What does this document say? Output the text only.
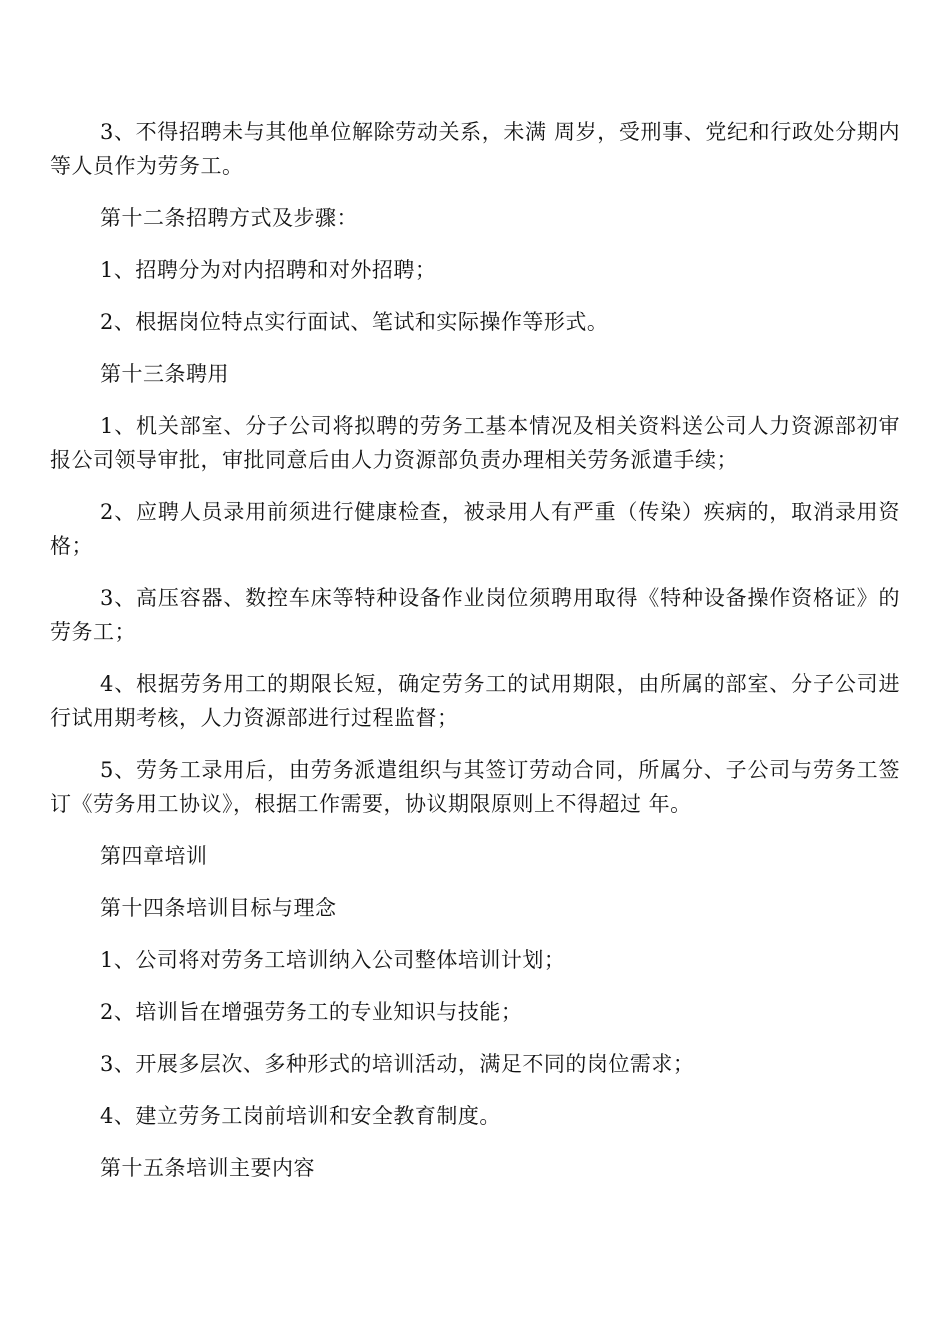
3、不得招聘未与其他单位解除劳动关系，未满 周岁，受刑事、党纪和行政处分期内等人员作为劳务工。

第十二条招聘方式及步骤：

1、招聘分为对内招聘和对外招聘；

2、根据岗位特点实行面试、笔试和实际操作等形式。

第十三条聘用

1、机关部室、分子公司将拟聘的劳务工基本情况及相关资料送公司人力资源部初审报公司领导审批，审批同意后由人力资源部负责办理相关劳务派遣手续；

2、应聘人员录用前须进行健康检查，被录用人有严重（传染）疾病的，取消录用资格；

3、高压容器、数控车床等特种设备作业岗位须聘用取得《特种设备操作资格证》的劳务工；

4、根据劳务用工的期限长短，确定劳务工的试用期限，由所属的部室、分子公司进行试用期考核，人力资源部进行过程监督；

5、劳务工录用后，由劳务派遣组织与其签订劳动合同，所属分、子公司与劳务工签订《劳务用工协议》，根据工作需要，协议期限原则上不得超过 年。

第四章培训

第十四条培训目标与理念

1、公司将对劳务工培训纳入公司整体培训计划；

2、培训旨在增强劳务工的专业知识与技能；

3、开展多层次、多种形式的培训活动，满足不同的岗位需求；

4、建立劳务工岗前培训和安全教育制度。

第十五条培训主要内容
